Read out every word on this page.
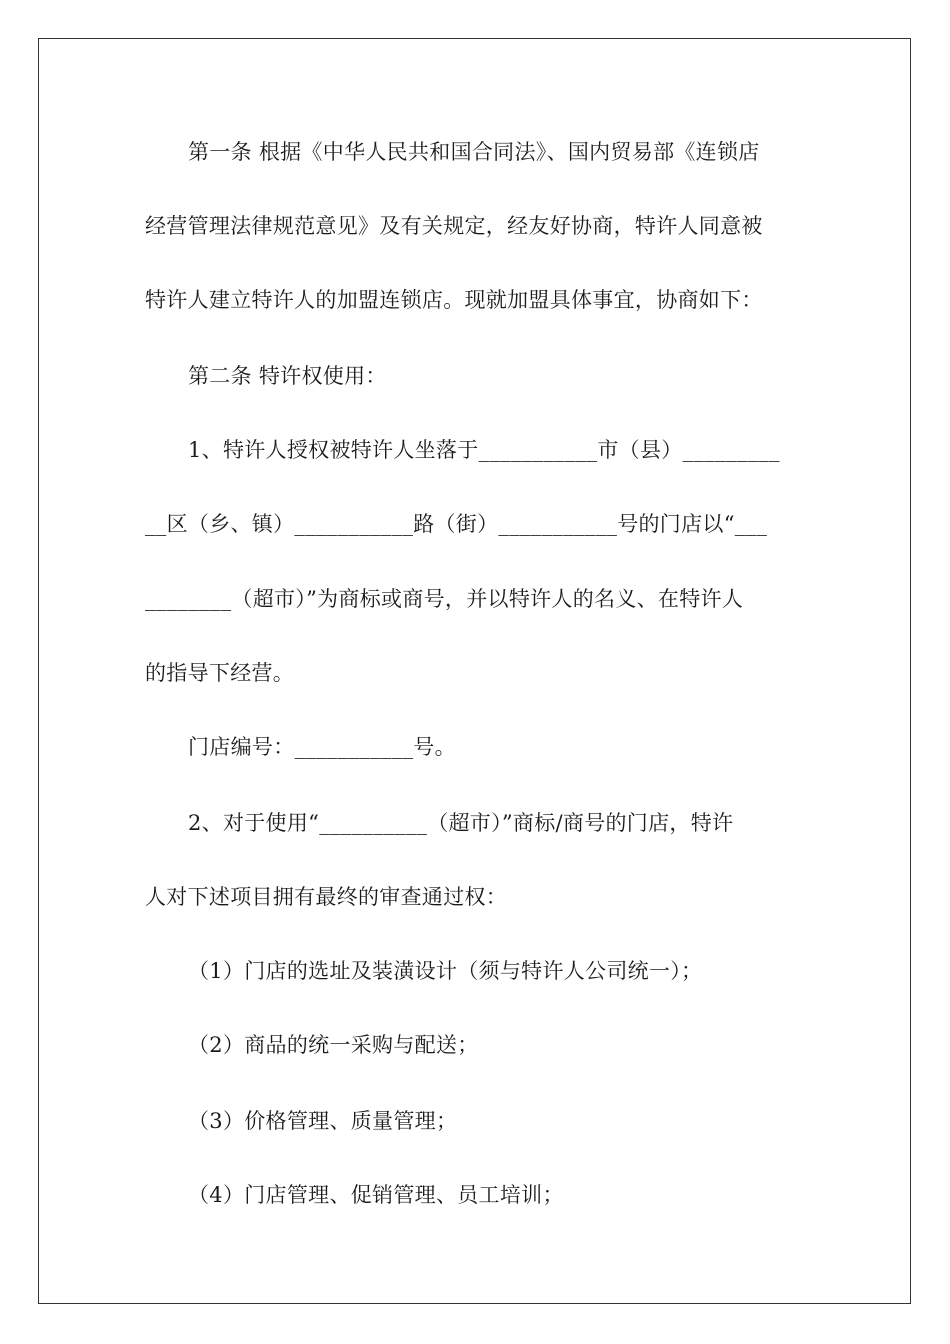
第一条 根据《中华人民共和国合同法》、国内贸易部《连锁店
经营管理法律规范意见》及有关规定，经友好协商，特许人同意被
特许人建立特许人的加盟连锁店。现就加盟具体事宜，协商如下：
第二条 特许权使用：
1、特许人授权被特许人坐落于___________市（县）_________
__区（乡、镇）___________路（街）___________号的门店以“___
________（超市）”为商标或商号，并以特许人的名义、在特许人
的指导下经营。
门店编号：___________号。
2、对于使用“__________（超市）”商标/商号的门店，特许
人对下述项目拥有最终的审查通过权：
（1）门店的选址及装潢设计（须与特许人公司统一）；
（2）商品的统一采购与配送；
（3）价格管理、质量管理；
（4）门店管理、促销管理、员工培训；
